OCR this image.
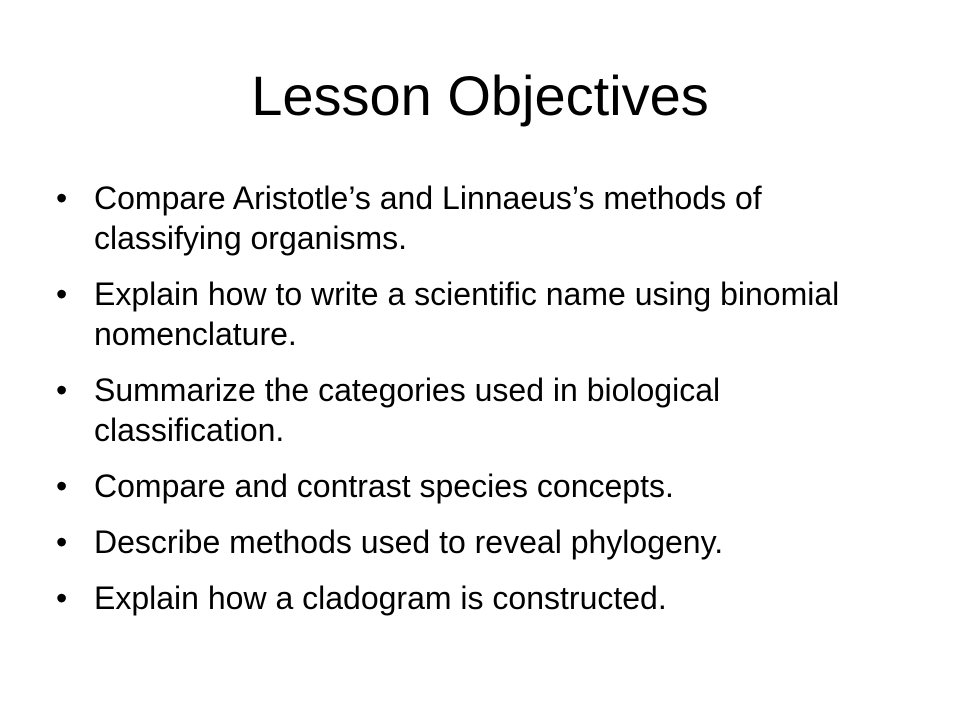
Lesson Objectives
• Compare Aristotle’s and Linnaeus’s methods of classifying organisms.
• Explain how to write a scientific name using binomial nomenclature.
• Summarize the categories used in biological classification.
• Compare and contrast species concepts.
• Describe methods used to reveal phylogeny.
• Explain how a cladogram is constructed.
